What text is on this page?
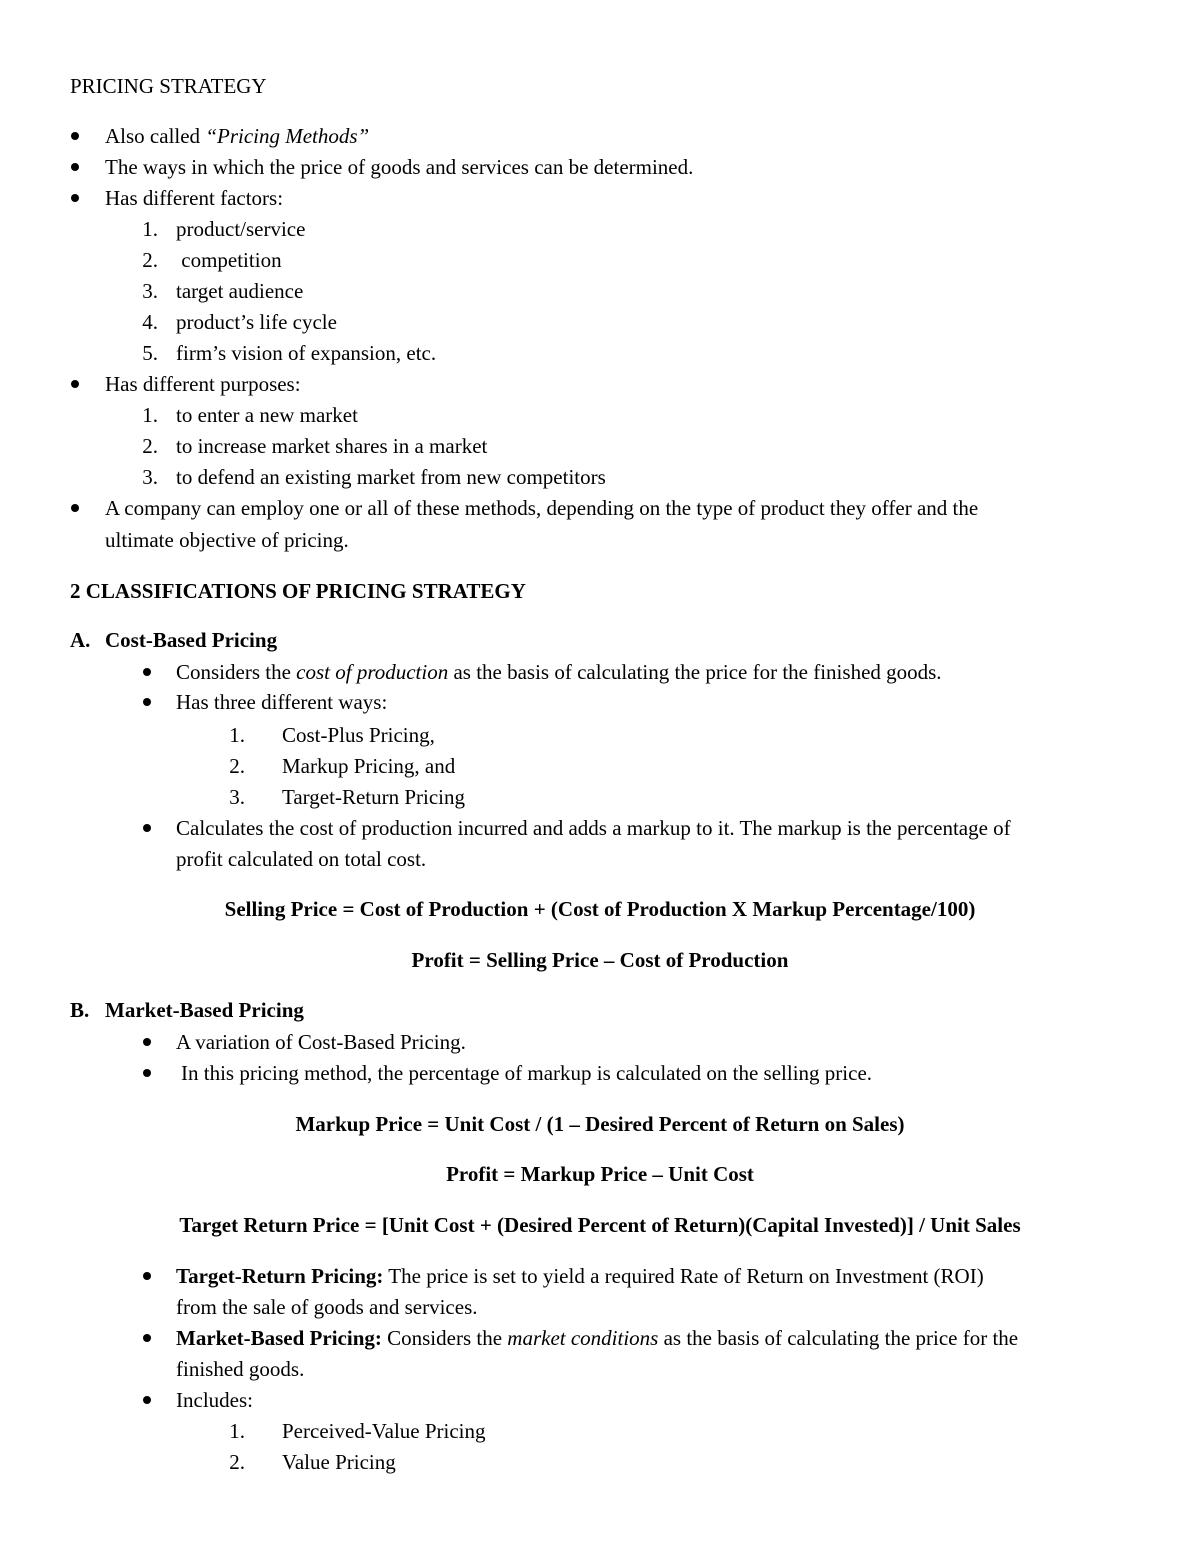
PRICING STRATEGY
Also called “Pricing Methods”
The ways in which the price of goods and services can be determined.
Has different factors:
1. product/service
2. competition
3. target audience
4. product’s life cycle
5. firm’s vision of expansion, etc.
Has different purposes:
1. to enter a new market
2. to increase market shares in a market
3. to defend an existing market from new competitors
A company can employ one or all of these methods, depending on the type of product they offer and the
ultimate objective of pricing.
2 CLASSIFICATIONS OF PRICING STRATEGY
A. Cost-Based Pricing
Considers the cost of production as the basis of calculating the price for the finished goods.
Has three different ways:
1. Cost-Plus Pricing,
2. Markup Pricing, and
3. Target-Return Pricing
Calculates the cost of production incurred and adds a markup to it. The markup is the percentage of
profit calculated on total cost.
Selling Price = Cost of Production + (Cost of Production X Markup Percentage/100)
Profit = Selling Price – Cost of Production
B. Market-Based Pricing
A variation of Cost-Based Pricing.
In this pricing method, the percentage of markup is calculated on the selling price.
Markup Price = Unit Cost / (1 – Desired Percent of Return on Sales)
Profit = Markup Price – Unit Cost
Target Return Price = [Unit Cost + (Desired Percent of Return)(Capital Invested)] / Unit Sales
Target-Return Pricing: The price is set to yield a required Rate of Return on Investment (ROI)
from the sale of goods and services.
Market-Based Pricing: Considers the market conditions as the basis of calculating the price for the
finished goods.
Includes:
1. Perceived-Value Pricing
2. Value Pricing
